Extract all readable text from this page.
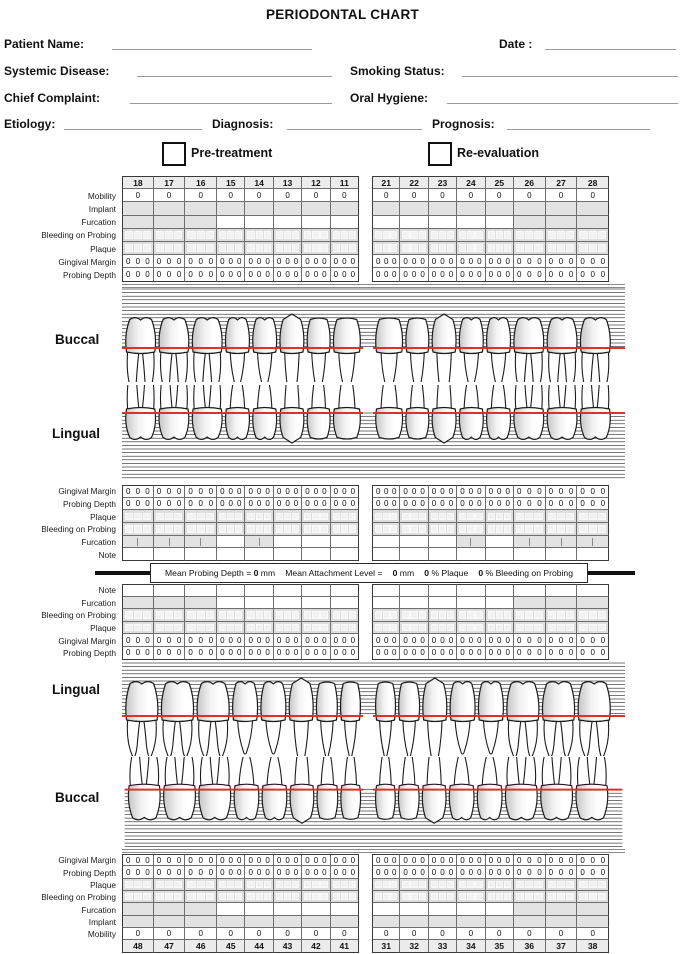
PERIODONTAL CHART
Patient Name:	Date :
Systemic Disease:	Smoking Status:
Chief Complaint:	Oral Hygiene:
Etiology:	Diagnosis:	Prognosis:
Pre-treatment	Re-evaluation
18	17	16	15	14	13	12	11	21	22	23	24	25	26	27	28
Mobility	0	0	0	0	0	0	0	0	0	0	0	0	0	0	0	0
Implant
Furcation
Bleeding on Probing
Plaque
Gingival Margin	0 0 0 0 0 0 0 0 0 0 0 0 0 0 0 0 0 0 0 0 0 0 0 0	0 0 0 0 0 0 0 0 0 0 0 0 0 0 0 0 0 0 0 0 0 0 0 0
Probing Depth	0 0 0 0 0 0 0 0 0 0 0 0 0 0 0 0 0 0 0 0 0 0 0 0	0 0 0 0 0 0 0 0 0 0 0 0 0 0 0 0 0 0 0 0 0 0 0 0
Buccal
Lingual
Gingival Margin	0 0 0 0 0 0 0 0 0 0 0 0 0 0 0 0 0 0 0 0 0 0 0 0	0 0 0 0 0 0 0 0 0 0 0 0 0 0 0 0 0 0 0 0 0 0 0 0
Probing Depth	0 0 0 0 0 0 0 0 0 0 0 0 0 0 0 0 0 0 0 0 0 0 0 0	0 0 0 0 0 0 0 0 0 0 0 0 0 0 0 0 0 0 0 0 0 0 0 0
Plaque
Bleeding on Probing
Furcation
Note
Mean Probing Depth = 0 mm Mean Attachment Level = 0 mm 0 % Plaque 0 % Bleeding on Probing
Note
Furcation
Bleeding on Probing
Plaque
Gingival Margin	0 0 0 0 0 0 0 0 0 0 0 0 0 0 0 0 0 0 0 0 0 0 0 0	0 0 0 0 0 0 0 0 0 0 0 0 0 0 0 0 0 0 0 0 0 0 0 0
Probing Depth	0 0 0 0 0 0 0 0 0 0 0 0 0 0 0 0 0 0 0 0 0 0 0 0	0 0 0 0 0 0 0 0 0 0 0 0 0 0 0 0 0 0 0 0 0 0 0 0
Lingual
Buccal
Gingival Margin	0 0 0 0 0 0 0 0 0 0 0 0 0 0 0 0 0 0 0 0 0 0 0 0	0 0 0 0 0 0 0 0 0 0 0 0 0 0 0 0 0 0 0 0 0 0 0 0
Probing Depth	0 0 0 0 0 0 0 0 0 0 0 0 0 0 0 0 0 0 0 0 0 0 0 0	0 0 0 0 0 0 0 0 0 0 0 0 0 0 0 0 0 0 0 0 0 0 0 0
Plaque
Bleeding on Probing
Furcation
Implant
Mobility	0	0	0	0	0	0	0	0	0	0	0	0	0	0	0	0
48	47	46	45	44	43	42	41	31	32	33	34	35	36	37	38
